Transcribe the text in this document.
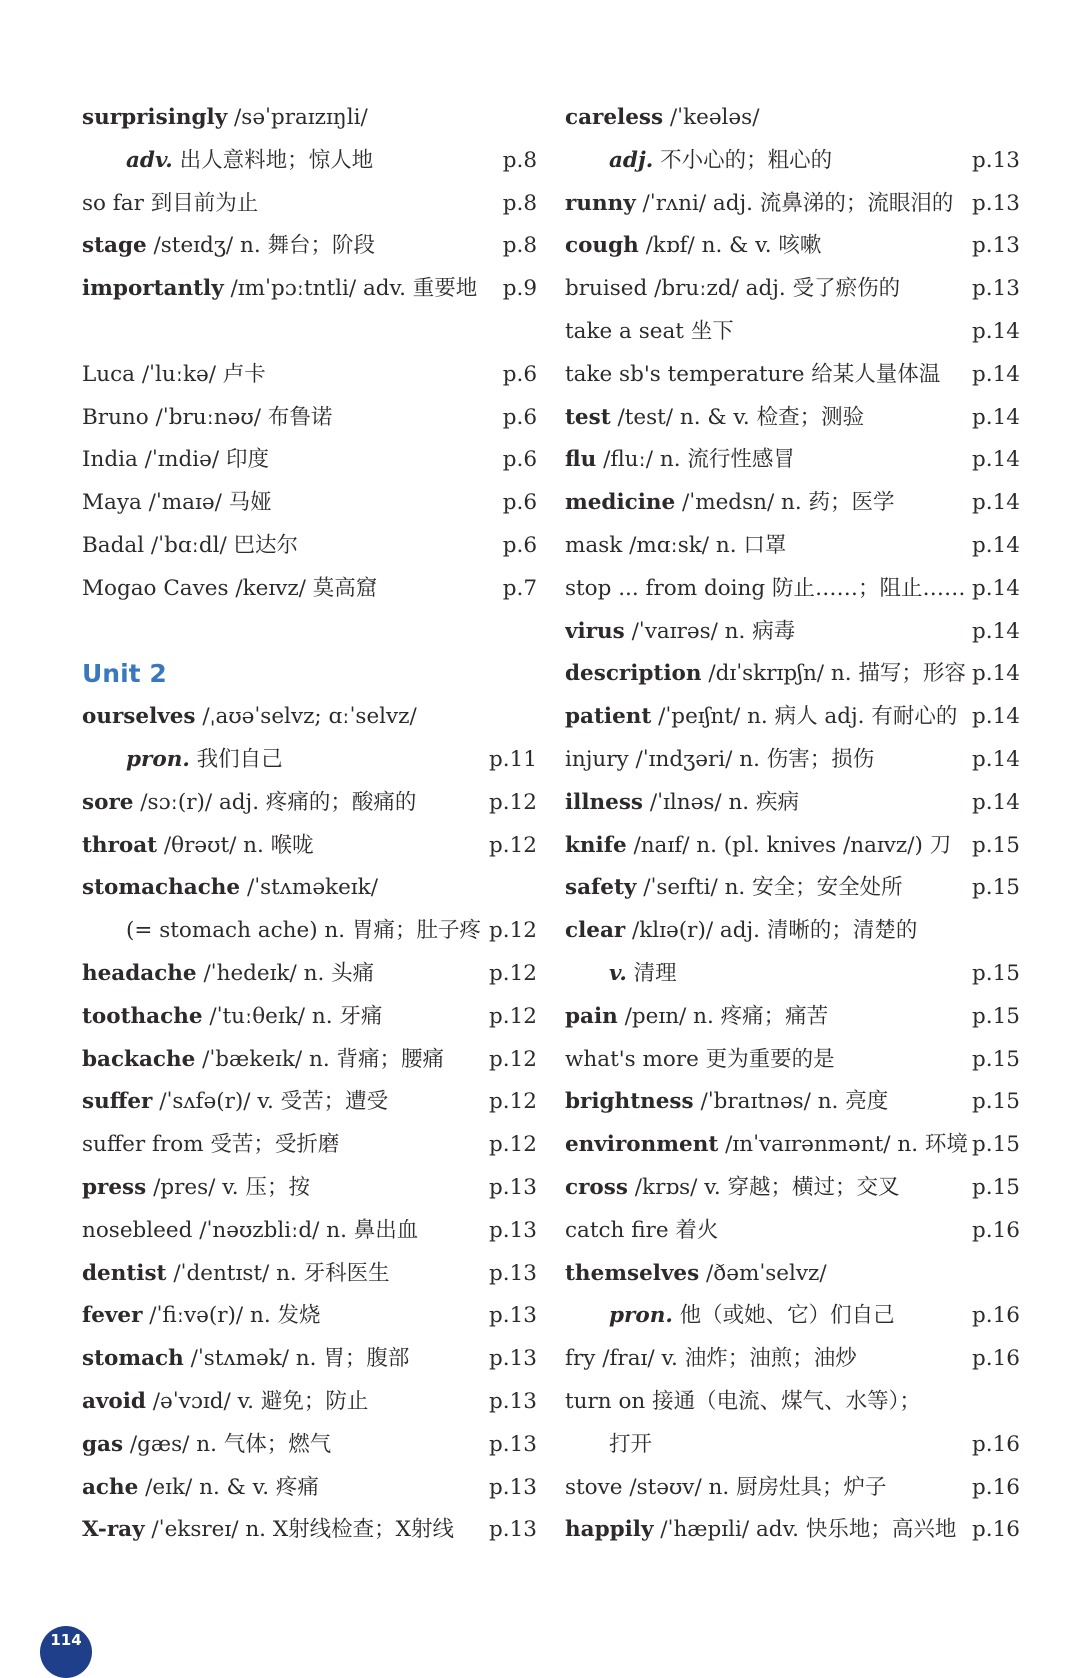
surprisingly /səˈpraɪzɪŋli/
adv. 出人意料地；惊人地	p.8
so far 到目前为止	p.8
stage /steɪdʒ/ n. 舞台；阶段	p.8
importantly /ɪmˈpɔːtntli/ adv. 重要地	p.9
Luca /ˈluːkə/ 卢卡	p.6
Bruno /ˈbruːnəʊ/ 布鲁诺	p.6
India /ˈɪndiə/ 印度	p.6
Maya /ˈmaɪə/ 马娅	p.6
Badal /ˈbɑːdl/ 巴达尔	p.6
Mogao Caves /keɪvz/ 莫高窟	p.7
Unit 2
ourselves /ˌaʊəˈselvz; ɑːˈselvz/
pron. 我们自己	p.11
sore /sɔː(r)/ adj. 疼痛的；酸痛的	p.12
throat /θrəʊt/ n. 喉咙	p.12
stomachache /ˈstʌməkeɪk/
(= stomach ache) n. 胃痛；肚子疼 p.12
headache /ˈhedeɪk/ n. 头痛	p.12
toothache /ˈtuːθeɪk/ n. 牙痛	p.12
backache /ˈbækeɪk/ n. 背痛；腰痛	p.12
suffer /ˈsʌfə(r)/ v. 受苦；遭受	p.12
suffer from 受苦；受折磨	p.12
press /pres/ v. 压；按	p.13
nosebleed /ˈnəʊzbliːd/ n. 鼻出血	p.13
dentist /ˈdentɪst/ n. 牙科医生	p.13
fever /ˈfiːvə(r)/ n. 发烧	p.13
stomach /ˈstʌmək/ n. 胃；腹部	p.13
avoid /əˈvɔɪd/ v. 避免；防止	p.13
gas /gæs/ n. 气体；燃气	p.13
ache /eɪk/ n. & v. 疼痛	p.13
X-ray /ˈeksreɪ/ n. X射线检查；X射线	p.13
careless /ˈkeələs/
adj. 不小心的；粗心的	p.13
runny /ˈrʌni/ adj. 流鼻涕的；流眼泪的 p.13
cough /kɒf/ n. & v. 咳嗽	p.13
bruised /bruːzd/ adj. 受了瘀伤的	p.13
take a seat 坐下	p.14
take sb's temperature 给某人量体温	p.14
test /test/ n. & v. 检查；测验	p.14
flu /fluː/ n. 流行性感冒	p.14
medicine /ˈmedsn/ n. 药；医学	p.14
mask /mɑːsk/ n. 口罩	p.14
stop ... from doing 防止……；阻止…… p.14
virus /ˈvaɪrəs/ n. 病毒	p.14
description /dɪˈskrɪpʃn/ n. 描写；形容 p.14
patient /ˈpeɪʃnt/ n. 病人 adj. 有耐心的 p.14
injury /ˈɪndʒəri/ n. 伤害；损伤	p.14
illness /ˈɪlnəs/ n. 疾病	p.14
knife /naɪf/ n. (pl. knives /naɪvz/) 刀 p.15
safety /ˈseɪfti/ n. 安全；安全处所	p.15
clear /klɪə(r)/ adj. 清晰的；清楚的
v. 清理	p.15
pain /peɪn/ n. 疼痛；痛苦	p.15
what's more 更为重要的是	p.15
brightness /ˈbraɪtnəs/ n. 亮度	p.15
environment /ɪnˈvaɪrənmənt/ n. 环境 p.15
cross /krɒs/ v. 穿越；横过；交叉	p.15
catch fire 着火	p.16
themselves /ðəmˈselvz/
pron. 他（或她、它）们自己	p.16
fry /fraɪ/ v. 油炸；油煎；油炒	p.16
turn on 接通（电流、煤气、水等）；
打开	p.16
stove /stəʊv/ n. 厨房灶具；炉子	p.16
happily /ˈhæpɪli/ adv. 快乐地；高兴地 p.16
114
